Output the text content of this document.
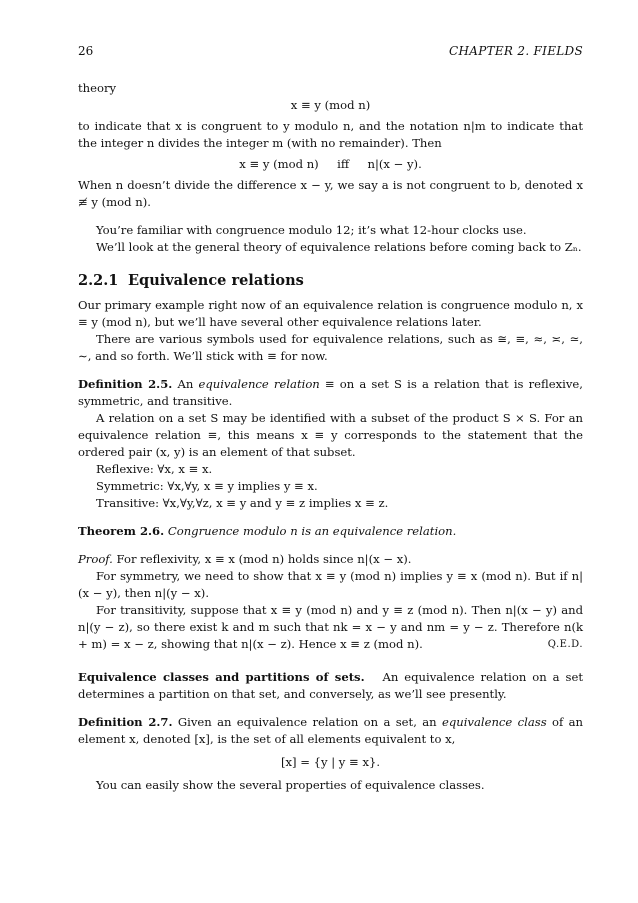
26	CHAPTER 2. FIELDS

theory

x ≡ y (mod n)

to indicate that x is congruent to y modulo n, and the notation n|m to indicate that the integer n divides the integer m (with no remainder). Then

x ≡ y (mod n)     iff     n|(x − y).

When n doesn’t divide the difference x − y, we say a is not congruent to b, denoted x ≢ y (mod n).

You’re familiar with congruence modulo 12; it’s what 12-hour clocks use.

We’ll look at the general theory of equivalence relations before coming back to Zₙ.

2.2.1 Equivalence relations

Our primary example right now of an equivalence relation is congruence modulo n, x ≡ y (mod n), but we’ll have several other equivalence relations later.

There are various symbols used for equivalence relations, such as ≅, ≡, ≈, ≍, ≃, ∼, and so forth. We’ll stick with ≡ for now.

Definition 2.5. An equivalence relation ≡ on a set S is a relation that is reflexive, symmetric, and transitive.

A relation on a set S may be identified with a subset of the product S × S. For an equivalence relation ≡, this means x ≡ y corresponds to the statement that the ordered pair (x, y) is an element of that subset.

Reflexive: ∀x, x ≡ x.

Symmetric: ∀x,∀y, x ≡ y implies y ≡ x.

Transitive: ∀x,∀y,∀z, x ≡ y and y ≡ z implies x ≡ z.

Theorem 2.6. Congruence modulo n is an equivalence relation.

Proof. For reflexivity, x ≡ x (mod n) holds since n|(x − x).

For symmetry, we need to show that x ≡ y (mod n) implies y ≡ x (mod n). But if n|(x − y), then n|(y − x).

For transitivity, suppose that x ≡ y (mod n) and y ≡ z (mod n). Then n|(x − y) and n|(y − z), so there exist k and m such that nk = x − y and nm = y − z. Therefore n(k + m) = x − z, showing that n|(x − z). Hence x ≡ z (mod n).	Q.E.D.

Equivalence classes and partitions of sets.   An equivalence relation on a set determines a partition on that set, and conversely, as we’ll see presently.

Definition 2.7. Given an equivalence relation on a set, an equivalence class of an element x, denoted [x], is the set of all elements equivalent to x,

[x] = {y | y ≡ x}.

You can easily show the several properties of equivalence classes.
